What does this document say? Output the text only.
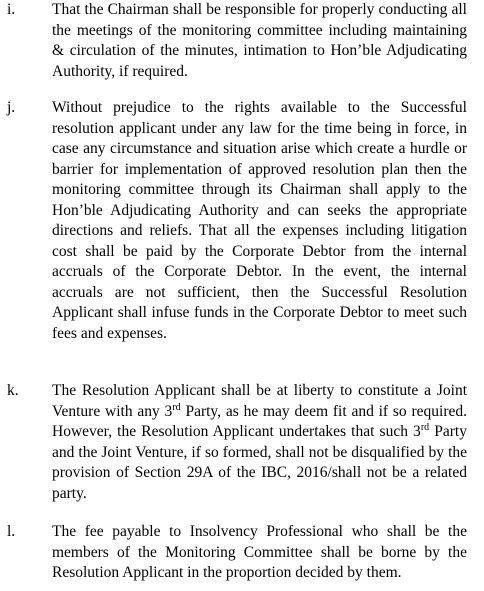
i. That the Chairman shall be responsible for properly conducting all the meetings of the monitoring committee including maintaining & circulation of the minutes, intimation to Hon’ble Adjudicating Authority, if required.

j. Without prejudice to the rights available to the Successful resolution applicant under any law for the time being in force, in case any circumstance and situation arise which create a hurdle or barrier for implementation of approved resolution plan then the monitoring committee through its Chairman shall apply to the Hon’ble Adjudicating Authority and can seeks the appropriate directions and reliefs. That all the expenses including litigation cost shall be paid by the Corporate Debtor from the internal accruals of the Corporate Debtor. In the event, the internal accruals are not sufficient, then the Successful Resolution Applicant shall infuse funds in the Corporate Debtor to meet such fees and expenses.

k. The Resolution Applicant shall be at liberty to constitute a Joint Venture with any 3rd Party, as he may deem fit and if so required. However, the Resolution Applicant undertakes that such 3rd Party and the Joint Venture, if so formed, shall not be disqualified by the provision of Section 29A of the IBC, 2016/shall not be a related party.

l. The fee payable to Insolvency Professional who shall be the members of the Monitoring Committee shall be borne by the Resolution Applicant in the proportion decided by them.
